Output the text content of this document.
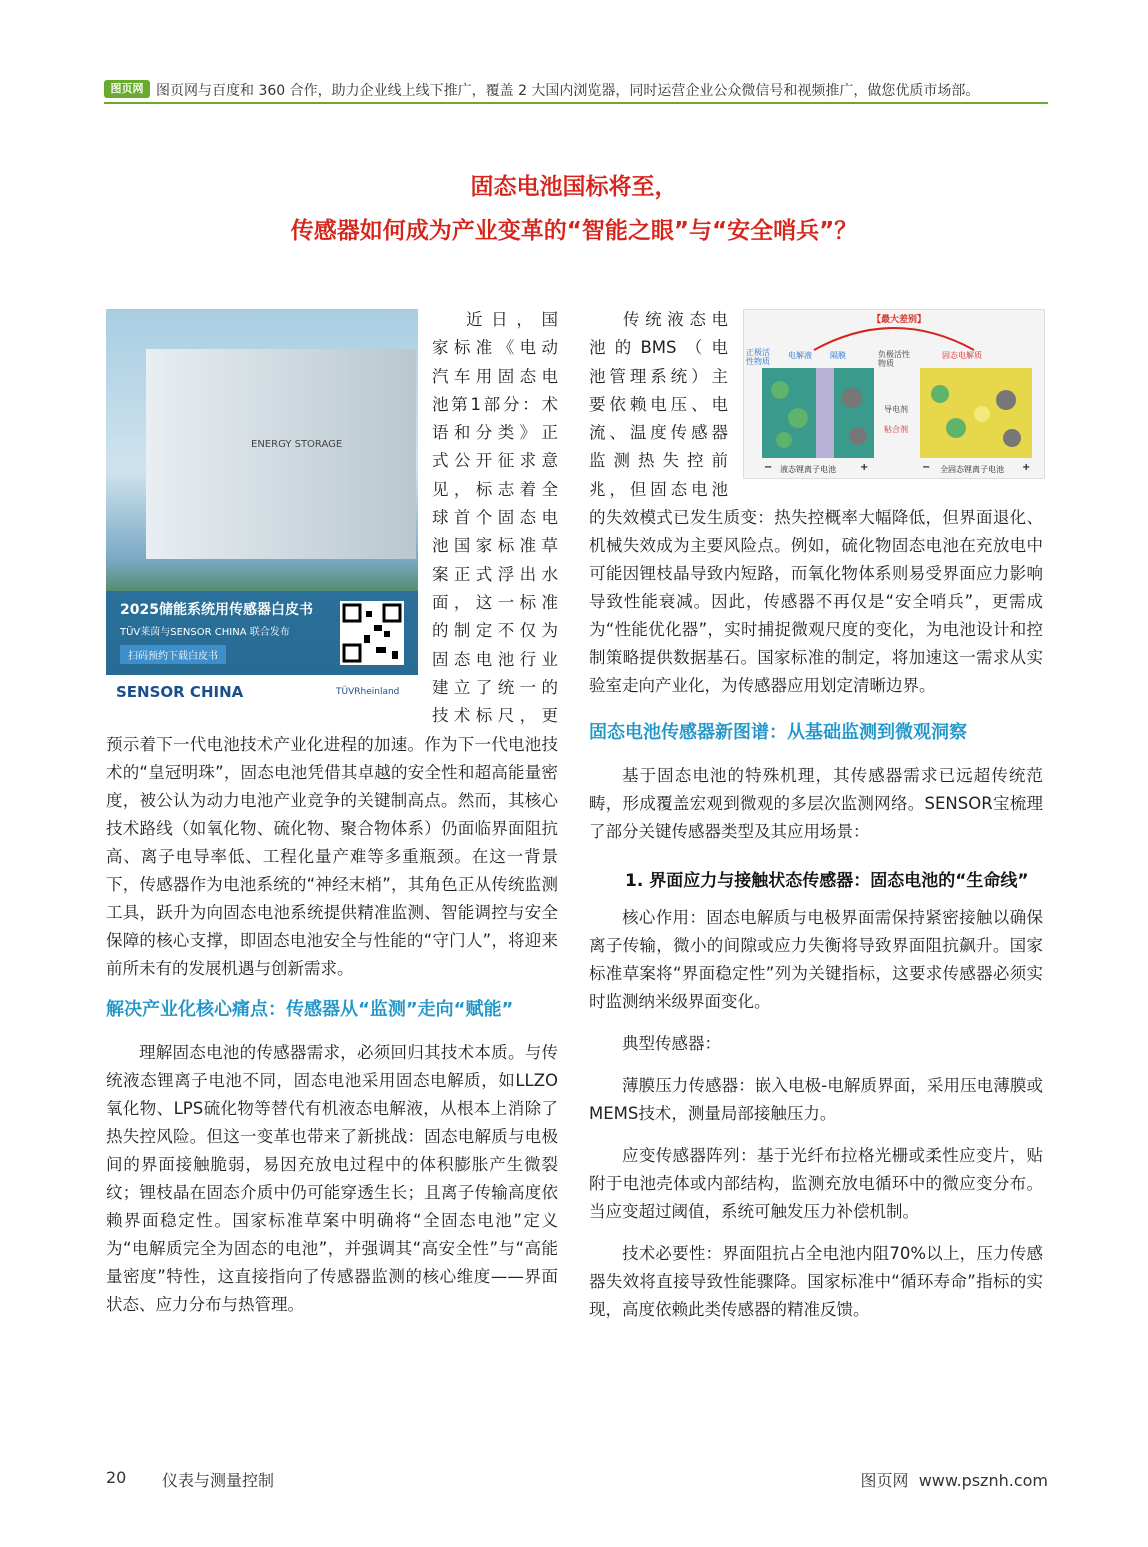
图页网 图页网与百度和 360 合作，助力企业线上线下推广，覆盖 2 大国内浏览器，同时运营企业公众微信号和视频推广，做您优质市场部。
固态电池国标将至，
传感器如何成为产业变革的“智能之眼”与“安全哨兵”？
ENERGY STORAGE
2025储能系统用传感器白皮书
TÜV莱茵与SENSOR CHINA 联合发布
扫码预约下载白皮书
SENSOR CHINA	TÜVRheinland
近日，国
家标准《电动
汽车用固态电
池第1部分：术
语和分类》正
式公开征求意
见，标志着全
球首个固态电
池国家标准草
案正式浮出水
面，这一标准
的制定不仅为
固态电池行业
建立了统一的
技术标尺，更

预示着下一代电池技术产业化进程的加速。作为下一代电池技术的“皇冠明珠”，固态电池凭借其卓越的安全性和超高能量密度，被公认为动力电池产业竞争的关键制高点。然而，其核心技术路线（如氧化物、硫化物、聚合物体系）仍面临界面阻抗高、离子电导率低、工程化量产难等多重瓶颈。在这一背景下，传感器作为电池系统的“神经末梢”，其角色正从传统监测工具，跃升为向固态电池系统提供精准监测、智能调控与安全保障的核心支撑，即固态电池安全与性能的“守门人”，将迎来前所未有的发展机遇与创新需求。

解决产业化核心痛点：传感器从“监测”走向“赋能”

理解固态电池的传感器需求，必须回归其技术本质。与传统液态锂离子电池不同，固态电池采用固态电解质，如LLZO氧化物、LPS硫化物等替代有机液态电解液，从根本上消除了热失控风险。但这一变革也带来了新挑战：固态电解质与电极间的界面接触脆弱，易因充放电过程中的体积膨胀产生微裂纹；锂枝晶在固态介质中仍可能穿透生长；且离子传输高度依赖界面稳定性。国家标准草案中明确将“全固态电池”定义为“电解质完全为固态的电池”，并强调其“高安全性”与“高能量密度”特性，这直接指向了传感器监测的核心维度——界面状态、应力分布与热管理。

−	+	−	+
【最大差别】
正极活性物质
电解液 隔膜	负极活性物质
固态电解质
导电剂
粘合剂
液态锂离子电池	全固态锂离子电池
传统液态电
池的BMS（电
池管理系统）主
要依赖电压、电
流、温度传感器
监测热失控前
兆，但固态电池

的失效模式已发生质变：热失控概率大幅降低，但界面退化、机械失效成为主要风险点。例如，硫化物固态电池在充放电中可能因锂枝晶导致内短路，而氧化物体系则易受界面应力影响导致性能衰减。因此，传感器不再仅是“安全哨兵”，更需成为“性能优化器”，实时捕捉微观尺度的变化，为电池设计和控制策略提供数据基石。国家标准的制定，将加速这一需求从实验室走向产业化，为传感器应用划定清晰边界。

固态电池传感器新图谱：从基础监测到微观洞察

基于固态电池的特殊机理，其传感器需求已远超传统范畴，形成覆盖宏观到微观的多层次监测网络。SENSOR宝梳理了部分关键传感器类型及其应用场景：

1. 界面应力与接触状态传感器：固态电池的“生命线”

核心作用：固态电解质与电极界面需保持紧密接触以确保离子传输，微小的间隙或应力失衡将导致界面阻抗飙升。国家标准草案将“界面稳定性”列为关键指标，这要求传感器必须实时监测纳米级界面变化。

典型传感器：

薄膜压力传感器：嵌入电极-电解质界面，采用压电薄膜或MEMS技术，测量局部接触压力。

应变传感器阵列：基于光纤布拉格光栅或柔性应变片，贴附于电池壳体或内部结构，监测充放电循环中的微应变分布。当应变超过阈值，系统可触发压力补偿机制。

技术必要性：界面阻抗占全电池内阻70%以上，压力传感器失效将直接导致性能骤降。国家标准中“循环寿命”指标的实现，高度依赖此类传感器的精准反馈。

20 仪表与测量控制	图页网  www.psznh.com
